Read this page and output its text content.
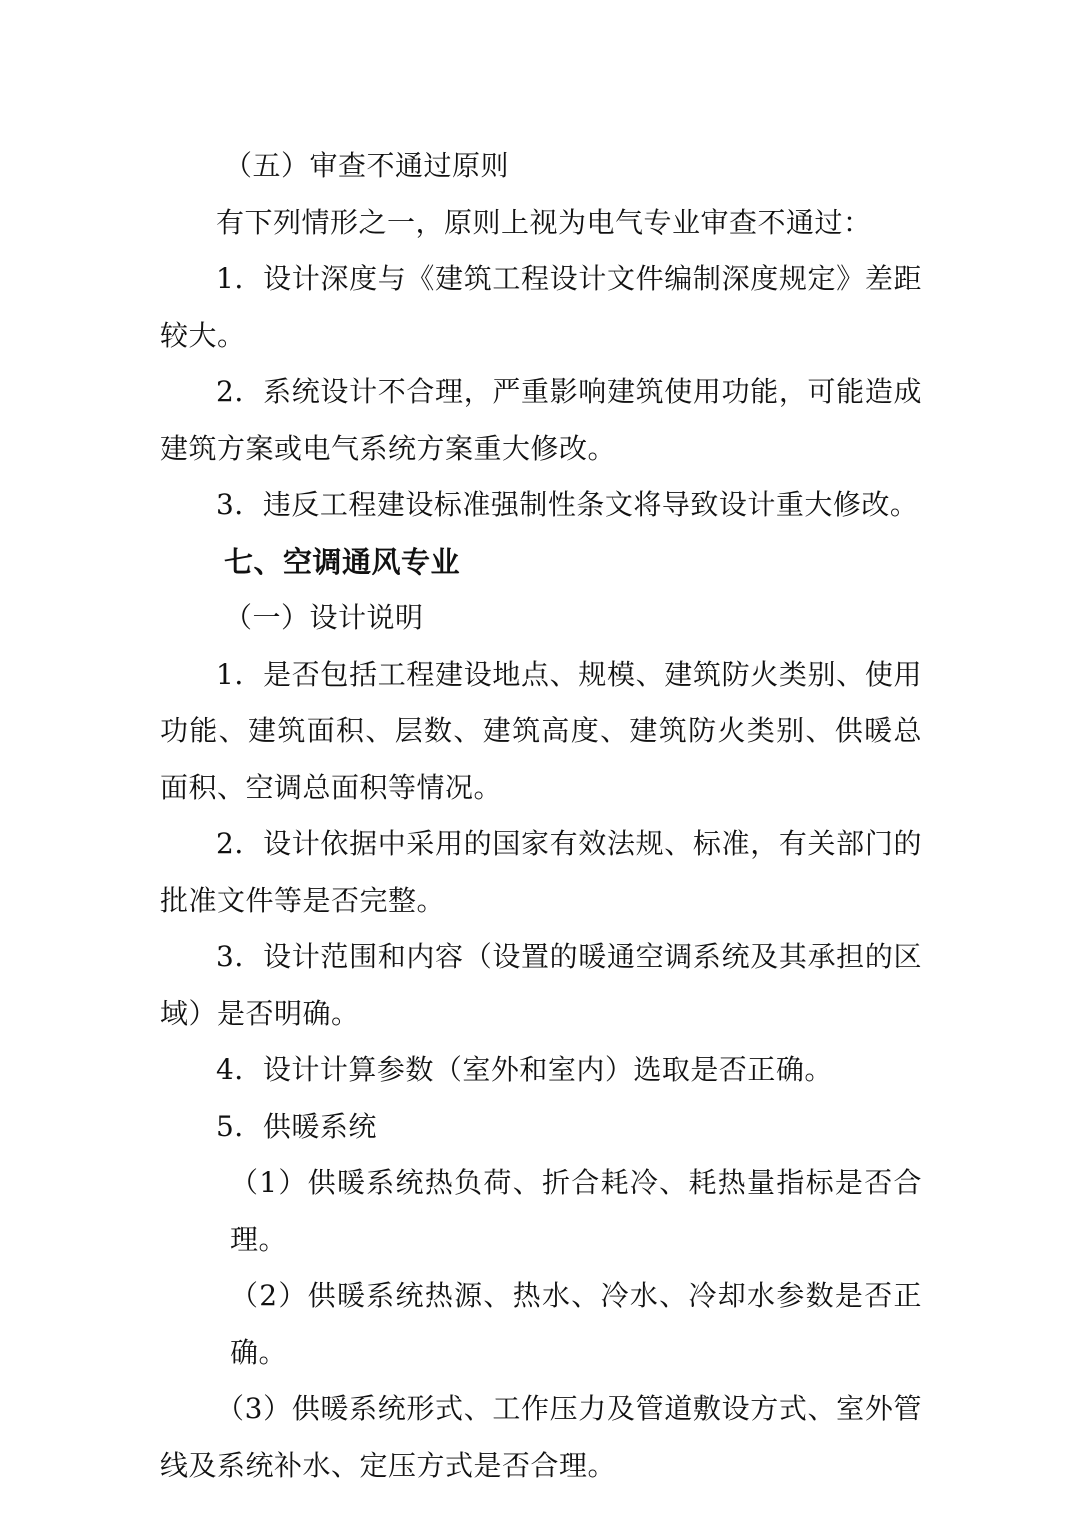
（五）审查不通过原则

有下列情形之一，原则上视为电气专业审查不通过：

1．设计深度与《建筑工程设计文件编制深度规定》差距较大。

2．系统设计不合理，严重影响建筑使用功能，可能造成建筑方案或电气系统方案重大修改。

3．违反工程建设标准强制性条文将导致设计重大修改。

七、空调通风专业

（一）设计说明

1．是否包括工程建设地点、规模、建筑防火类别、使用功能、建筑面积、层数、建筑高度、建筑防火类别、供暖总面积、空调总面积等情况。

2．设计依据中采用的国家有效法规、标准，有关部门的批准文件等是否完整。

3．设计范围和内容（设置的暖通空调系统及其承担的区域）是否明确。

4．设计计算参数（室外和室内）选取是否正确。

5．供暖系统

（1）供暖系统热负荷、折合耗冷、耗热量指标是否合理。

（2）供暖系统热源、热水、冷水、冷却水参数是否正确。

（3）供暖系统形式、工作压力及管道敷设方式、室外管线及系统补水、定压方式是否合理。
